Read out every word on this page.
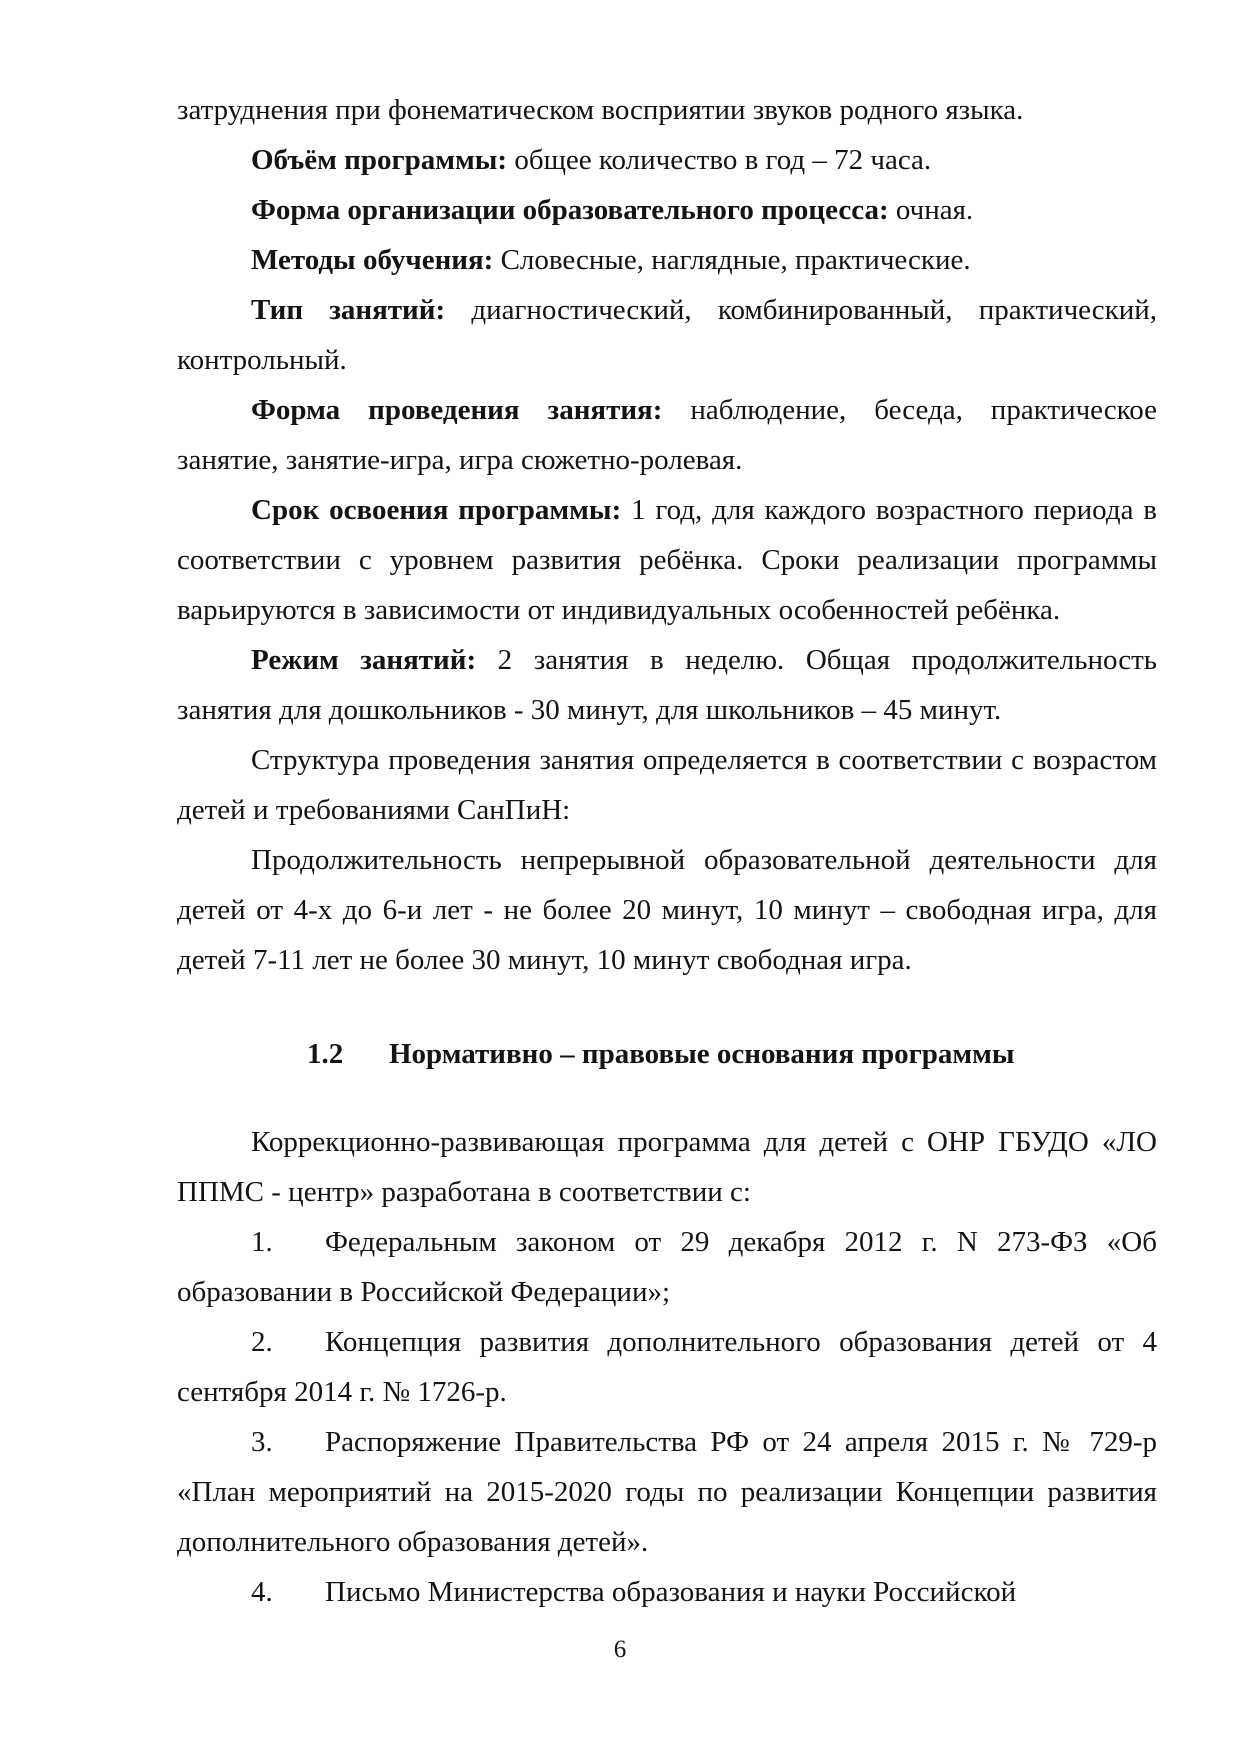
затруднения при фонематическом восприятии звуков родного языка.

Объём программы: общее количество в год – 72 часа.

Форма организации образовательного процесса: очная.

Методы обучения: Словесные, наглядные, практические.

Тип занятий: диагностический, комбинированный, практический, контрольный.

Форма проведения занятия: наблюдение, беседа, практическое занятие, занятие-игра, игра сюжетно-ролевая.

Срок освоения программы: 1 год, для каждого возрастного периода в соответствии с уровнем развития ребёнка. Сроки реализации программы варьируются в зависимости от индивидуальных особенностей ребёнка.

Режим занятий: 2 занятия в неделю. Общая продолжительность занятия для дошкольников - 30 минут, для школьников – 45 минут.

Структура проведения занятия определяется в соответствии с возрастом детей и требованиями СанПиН:

Продолжительность непрерывной образовательной деятельности для детей от 4-х до 6-и лет - не более 20 минут, 10 минут – свободная игра, для детей 7-11 лет не более 30 минут, 10 минут свободная игра.

1.2 Нормативно – правовые основания программы

Коррекционно-развивающая программа для детей с ОНР ГБУДО «ЛО ППМС - центр» разработана в соответствии с:

1. Федеральным законом от 29 декабря 2012 г. N 273-ФЗ «Об образовании в Российской Федерации»;

2. Концепция развития дополнительного образования детей от 4 сентября 2014 г. № 1726-р.

3. Распоряжение Правительства РФ от 24 апреля 2015 г. № 729-р «План мероприятий на 2015-2020 годы по реализации Концепции развития дополнительного образования детей».

4. Письмо Министерства образования и науки Российской

6
